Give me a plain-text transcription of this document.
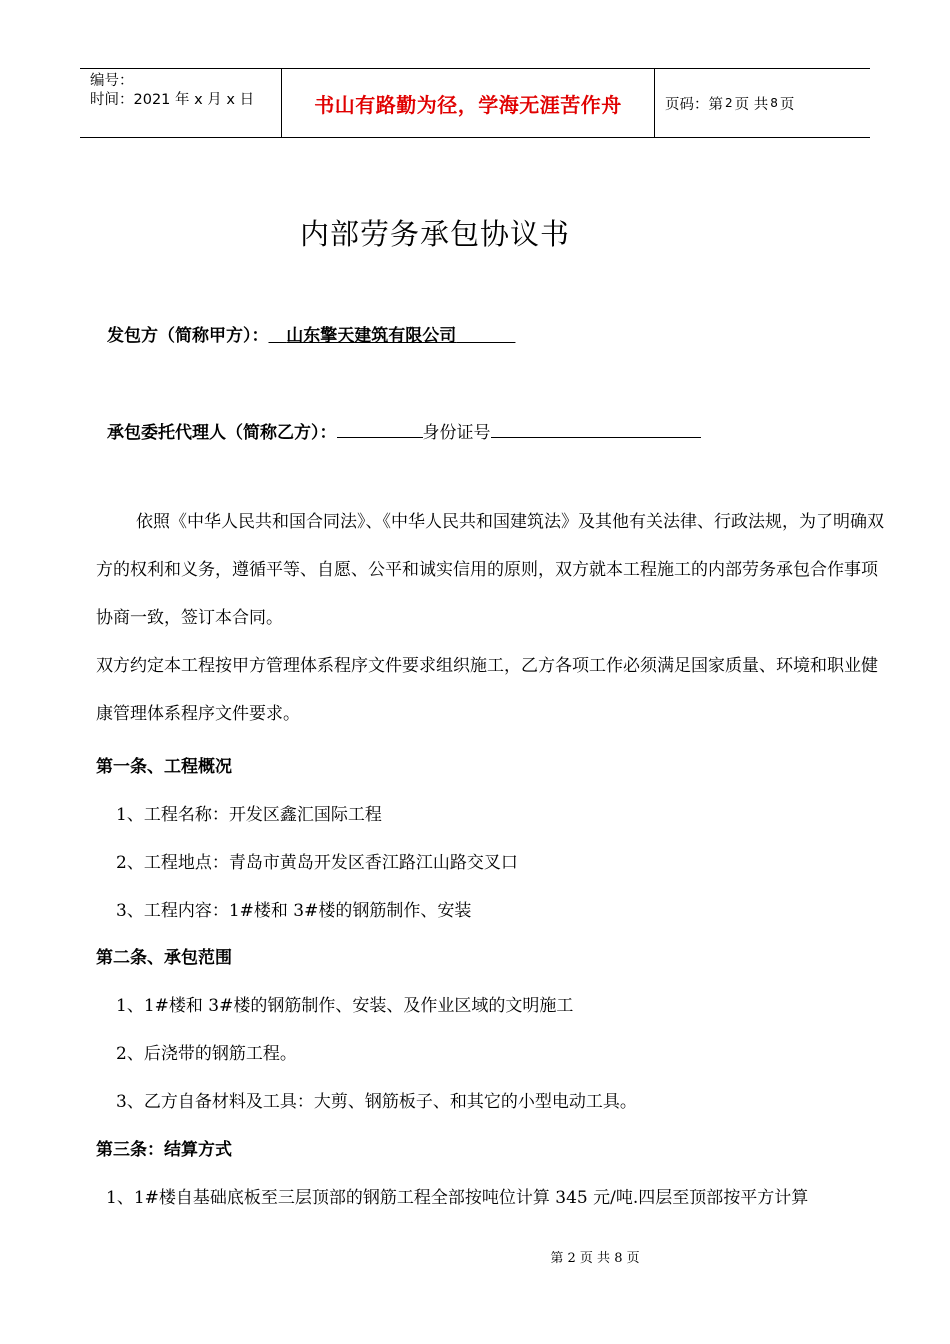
编号：
时间：2021 年 x 月 x 日	书山有路勤为径，学海无涯苦作舟	页码：第 2 页 共 8 页
内部劳务承包协议书
发包方（简称甲方）： 山东擎天建筑有限公司
承包委托代理人（简称乙方）：	身份证号
依照《中华人民共和国合同法》、《中华人民共和国建筑法》及其他有关法律、行政法规，为了明确双方的权利和义务，遵循平等、自愿、公平和诚实信用的原则，双方就本工程施工的内部劳务承包合作事项协商一致，签订本合同。
双方约定本工程按甲方管理体系程序文件要求组织施工，乙方各项工作必须满足国家质量、环境和职业健康管理体系程序文件要求。
第一条、工程概况
1、工程名称：开发区鑫汇国际工程
2、工程地点：青岛市黄岛开发区香江路江山路交叉口
3、工程内容：1#楼和 3#楼的钢筋制作、安装
第二条、承包范围
1、1#楼和 3#楼的钢筋制作、安装、及作业区域的文明施工
2、后浇带的钢筋工程。
3、乙方自备材料及工具：大剪、钢筋板子、和其它的小型电动工具。
第三条：结算方式
1、1#楼自基础底板至三层顶部的钢筋工程全部按吨位计算 345 元/吨.四层至顶部按平方计算
第 2 页 共 8 页
